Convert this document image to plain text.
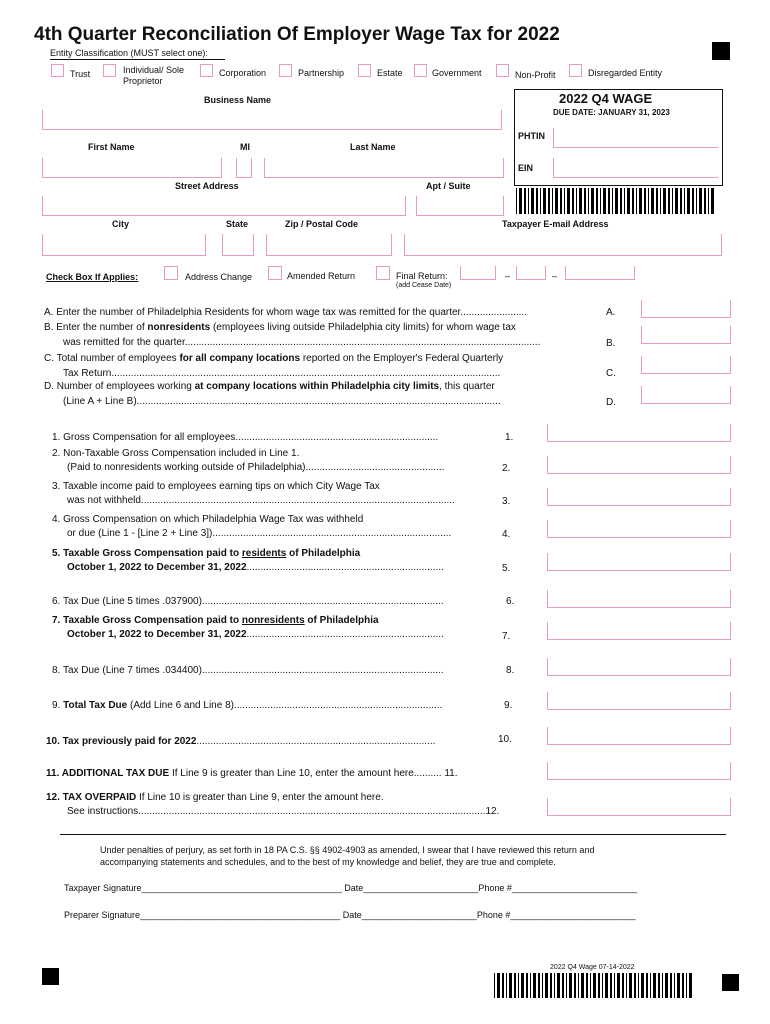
4th Quarter Reconciliation Of Employer Wage Tax for 2022
Entity Classification (MUST select one):
Trust	Individual/ Sole
Proprietor
Corporation	Partnership	Estate	Government	Non-Profit	Disregarded Entity
2022 Q4 WAGE
DUE DATE: JANUARY 31, 2023
PHTIN
EIN
Business Name
First Name	MI	Last Name
Street Address	Apt / Suite
City	State	Zip / Postal Code	Taxpayer E-mail Address
Check Box If Applies:	Address Change	Amended Return	Final Return:
(add Cease Date)
–	–
A. Enter the number of Philadelphia Residents for whom wage tax was remitted for the quarter........................	A.
B. Enter the number of nonresidents (employees living outside Philadelphia city limits) for whom wage tax
was remitted for the quarter................................................................................................................................	B.
C. Total number of employees for all company locations reported on the Employer's Federal Quarterly
Tax Return............................................................................................................................................	C.
D. Number of employees working at company locations within Philadelphia city limits, this quarter
(Line A + Line B)...................................................................................................................................	D.
1. Gross Compensation for all employees.........................................................................	1.
2. Non-Taxable Gross Compensation included in Line 1.
(Paid to nonresidents working outside of Philadelphia)..................................................	2.
3. Taxable income paid to employees earning tips on which City Wage Tax
was not withheld.................................................................................................................	3.
4. Gross Compensation on which Philadelphia Wage Tax was withheld
or due (Line 1 - [Line 2 + Line 3])......................................................................................	4.
5. Taxable Gross Compensation paid to residents of Philadelphia
October 1, 2022 to December 31, 2022.......................................................................	5.
6. Tax Due (Line 5 times .037900).......................................................................................	6.
7. Taxable Gross Compensation paid to nonresidents of Philadelphia
October 1, 2022 to December 31, 2022.......................................................................	7.
8. Tax Due (Line 7 times .034400).......................................................................................	8.
9. Total Tax Due (Add Line 6 and Line 8)...........................................................................	9.
10. Tax previously paid for 2022......................................................................................	10.
11. ADDITIONAL TAX DUE If Line 9 is greater than Line 10, enter the amount here.......... 11.
12. TAX OVERPAID If Line 10 is greater than Line 9, enter the amount here.
See instructions.............................................................................................................................12.
Under penalties of perjury, as set forth in 18 PA C.S. §§ 4902-4903 as amended, I swear that I have reviewed this return and
accompanying statements and schedules, and to the best of my knowledge and belief, they are true and complete.
Taxpayer Signature________________________________________ Date_______________________Phone #_________________________
Preparer Signature________________________________________ Date_______________________Phone #_________________________
2022 Q4 Wage 07-14-2022
